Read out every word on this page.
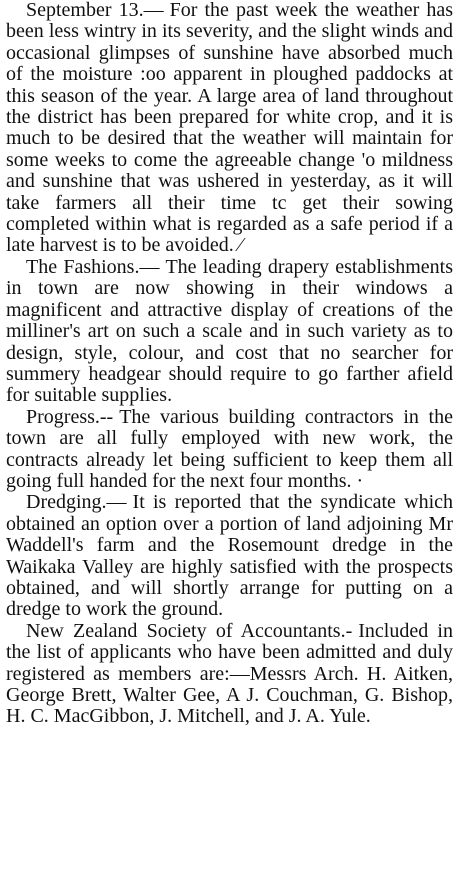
September 13.— For the past week the weather has been less wintry in its severity, and the slight winds and occasional glimpses of sunshine have absorbed much of the moisture :oo apparent in ploughed paddocks at this season of the year. A large area of land throughout the district has been prepared for white crop, and it is much to be desired that the weather will maintain for some weeks to come the agreeable change 'o mildness and sunshine that was ushered in yesterday, as it will take farmers all their time tc get their sowing completed within what is regarded as a safe period if a late harvest is to be avoided. ⁄

The Fashions.— The leading drapery establishments in town are now showing in their windows a magnificent and attractive display of creations of the milliner's art on such a scale and in such variety as to design, style, colour, and cost that no searcher for summery headgear should require to go farther afield for suitable supplies.

Progress.-- The various building contractors in the town are all fully employed with new work, the contracts already let being sufficient to keep them all going full handed for the next four months. ·

Dredging.— It is reported that the syndicate which obtained an option over a portion of land adjoining Mr Waddell's farm and the Rosemount dredge in the Waikaka Valley are highly satisfied with the prospects obtained, and will shortly arrange for putting on a dredge to work the ground.

New Zealand Society of Accountants.- Included in the list of applicants who have been admitted and duly registered as members are:—Messrs Arch. H. Aitken, George Brett, Walter Gee, A J. Couchman, G. Bishop, H. C. MacGibbon, J. Mitchell, and J. A. Yule.
